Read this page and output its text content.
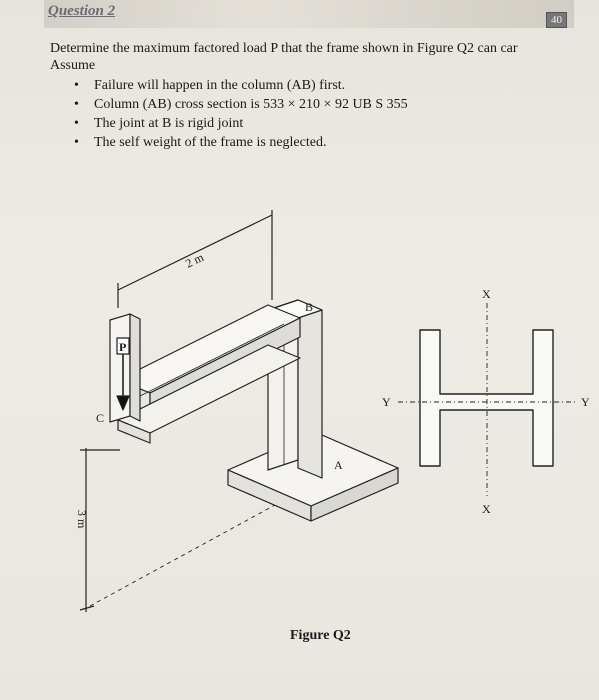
Question 2
40

Determine the maximum factored load P that the frame shown in Figure Q2 can car

Assume

• Failure will happen in the column (AB) first.
• Column (AB) cross section is 533 × 210 × 92 UB S 355
• The joint at B is rigid joint
• The self weight of the frame is neglected.
2 m
3 m
P
B
A
C
X
X
Y	Y
Figure Q2
